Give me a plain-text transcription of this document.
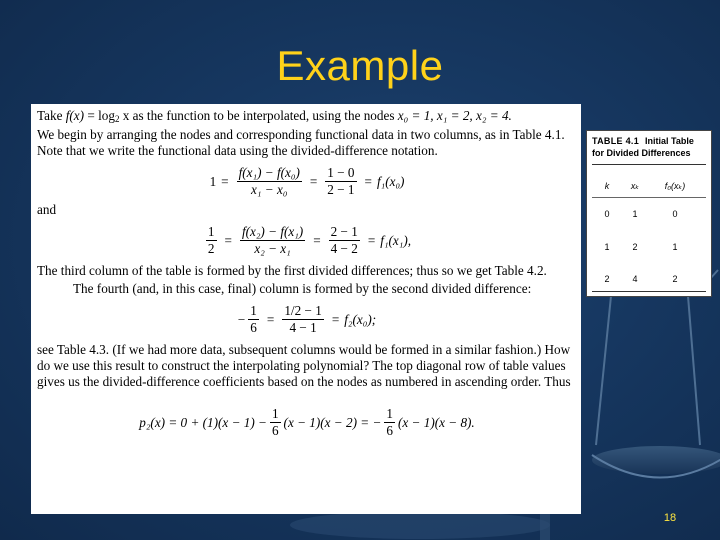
Example

Take $f(x) = \log_2 x$ as the function to be interpolated, using the nodes x₀ = 1, x₁ = 2, x₂ = 4.

We begin by arranging the nodes and corresponding functional data in two columns, as in Table 4.1. Note that we write the functional data using the divided-difference notation.

$1 = \frac{\text{f(x₁) − f(x₀)}}{\text{x₁ − x₀}} = \frac{1 - 0}{2 - 1} = f_1(x_0)$

and

$\frac{1}{2} = \frac{\text{f(x₂) − f(x₁)}}{\text{x₂ − x₁}} = \frac{2 - 1}{4 - 2} = f_1(x_1)$,

The third column of the table is formed by the first divided differences; thus so we get Table 4.2.

The fourth (and, in this case, final) column is formed by the second divided difference:

− $\frac{1}{6} = \frac{1/2 - 1}{4 - 1} = f_2(x_0)$;

see Table 4.3. (If we had more data, subsequent columns would be formed in a similar fashion.) How do we use this result to construct the interpolating polynomial? The top diagonal row of table values gives us the divided-difference coefficients based on the nodes as numbered in ascending order. Thus

$p_2(x) = 0 + (1)(x - 1) - \frac{1}{6} (x - 1)(x - 2)$ = − $\frac{1}{6} (x - 1)(x - 8)$.
TABLE 4.1 Initial Table
for Divided Differences
k	xₖ	f₀(xₖ)
0	1	0
1	2	1
2	4	2
18
